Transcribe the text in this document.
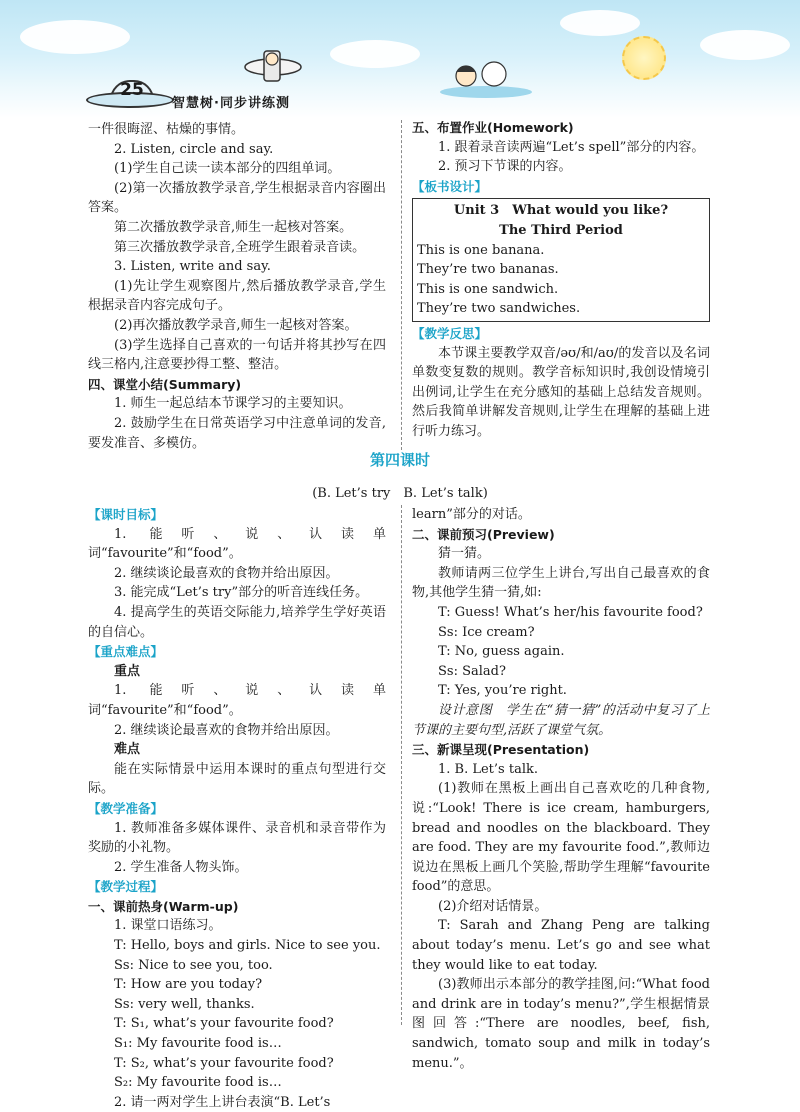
25
智慧树·同步讲练测

一件很晦涩、枯燥的事情。

2. Listen, circle and say.

(1)学生自己读一读本部分的四组单词。

(2)第一次播放教学录音,学生根据录音内容圈出答案。

第二次播放教学录音,师生一起核对答案。

第三次播放教学录音,全班学生跟着录音读。

3. Listen, write and say.

(1)先让学生观察图片,然后播放教学录音,学生根据录音内容完成句子。

(2)再次播放教学录音,师生一起核对答案。

(3)学生选择自己喜欢的一句话并将其抄写在四线三格内,注意要抄得工整、整洁。

四、课堂小结(Summary)

1. 师生一起总结本节课学习的主要知识。

2. 鼓励学生在日常英语学习中注意单词的发音,要发准音、多模仿。

五、布置作业(Homework)

1. 跟着录音读两遍“Let’s spell”部分的内容。

2. 预习下节课的内容。

【板书设计】

Unit 3　What would you like?
The Third Period
This is one banana.
They’re two bananas.
This is one sandwich.
They’re two sandwiches.

【教学反思】

本节课主要教学双音/əʊ/和/aʊ/的发音以及名词单数变复数的规则。教学音标知识时,我创设情境引出例词,让学生在充分感知的基础上总结发音规则。然后我简单讲解发音规则,让学生在理解的基础上进行听力练习。

第四课时
(B. Let’s try　B. Let’s talk)

【课时目标】

1. 能听、说、认读单词“favourite”和“food”。

2. 继续谈论最喜欢的食物并给出原因。

3. 能完成“Let’s try”部分的听音连线任务。

4. 提高学生的英语交际能力,培养学生学好英语的自信心。

【重点难点】

重点

1. 能听、说、认读单词“favourite”和“food”。

2. 继续谈论最喜欢的食物并给出原因。

难点

能在实际情景中运用本课时的重点句型进行交际。

【教学准备】

1. 教师准备多媒体课件、录音机和录音带作为奖励的小礼物。

2. 学生准备人物头饰。

【教学过程】

一、课前热身(Warm-up)

1. 课堂口语练习。

T: Hello, boys and girls. Nice to see you.

Ss: Nice to see you, too.

T: How are you today?

Ss: very well, thanks.

T: S₁, what’s your favourite food?

S₁: My favourite food is…

T: S₂, what’s your favourite food?

S₂: My favourite food is…

2. 请一两对学生上讲台表演“B. Let’s

learn”部分的对话。

二、课前预习(Preview)

猜一猜。

教师请两三位学生上讲台,写出自己最喜欢的食物,其他学生猜一猜,如:

T: Guess! What’s her/his favourite food?

Ss: Ice cream?

T: No, guess again.

Ss: Salad?

T: Yes, you’re right.

设计意图　学生在“猜一猜”的活动中复习了上节课的主要句型,活跃了课堂气氛。

三、新课呈现(Presentation)

1. B. Let’s talk.

(1)教师在黑板上画出自己喜欢吃的几种食物,说:“Look! There is ice cream, hamburgers, bread and noodles on the blackboard. They are food. They are my favourite food.”,教师边说边在黑板上画几个笑脸,帮助学生理解“favourite food”的意思。

(2)介绍对话情景。

T: Sarah and Zhang Peng are talking about today’s menu. Let’s go and see what they would like to eat today.

(3)教师出示本部分的教学挂图,问:“What food and drink are in today’s menu?”,学生根据情景图回答:“There are noodles, beef, fish, sandwich, tomato soup and milk in today’s menu.”。
